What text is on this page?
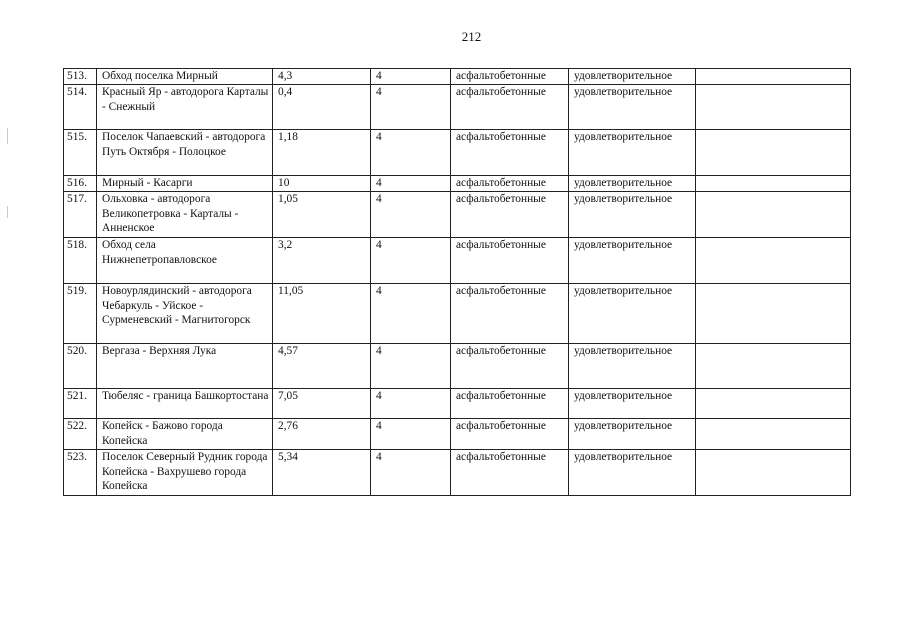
212
513.	Обход поселка Мирный	4,3	4	асфальтобетонные	удовлетворительное	
514.	Красный Яр - автодорога Карталы - Снежный	0,4	4	асфальтобетонные	удовлетворительное	
515.	Поселок Чапаевский - автодорога Путь Октября - Полоцкое	1,18	4	асфальтобетонные	удовлетворительное	
516.	Мирный - Касарги	10	4	асфальтобетонные	удовлетворительное	
517.	Ольховка - автодорога Великопетровка - Карталы - Анненское	1,05	4	асфальтобетонные	удовлетворительное	
518.	Обход села Нижнепетропавловское	3,2	4	асфальтобетонные	удовлетворительное	
519.	Новоурлядинский - автодорога Чебаркуль - Уйское - Сурменевский - Магнитогорск	11,05	4	асфальтобетонные	удовлетворительное	
520.	Вергаза - Верхняя Лука	4,57	4	асфальтобетонные	удовлетворительное	
521.	Тюбеляс - граница Башкортостана	7,05	4	асфальтобетонные	удовлетворительное	
522.	Копейск - Бажово города Копейска	2,76	4	асфальтобетонные	удовлетворительное	
523.	Поселок Северный Рудник города Копейска - Вахрушево города Копейска	5,34	4	асфальтобетонные	удовлетворительное	
